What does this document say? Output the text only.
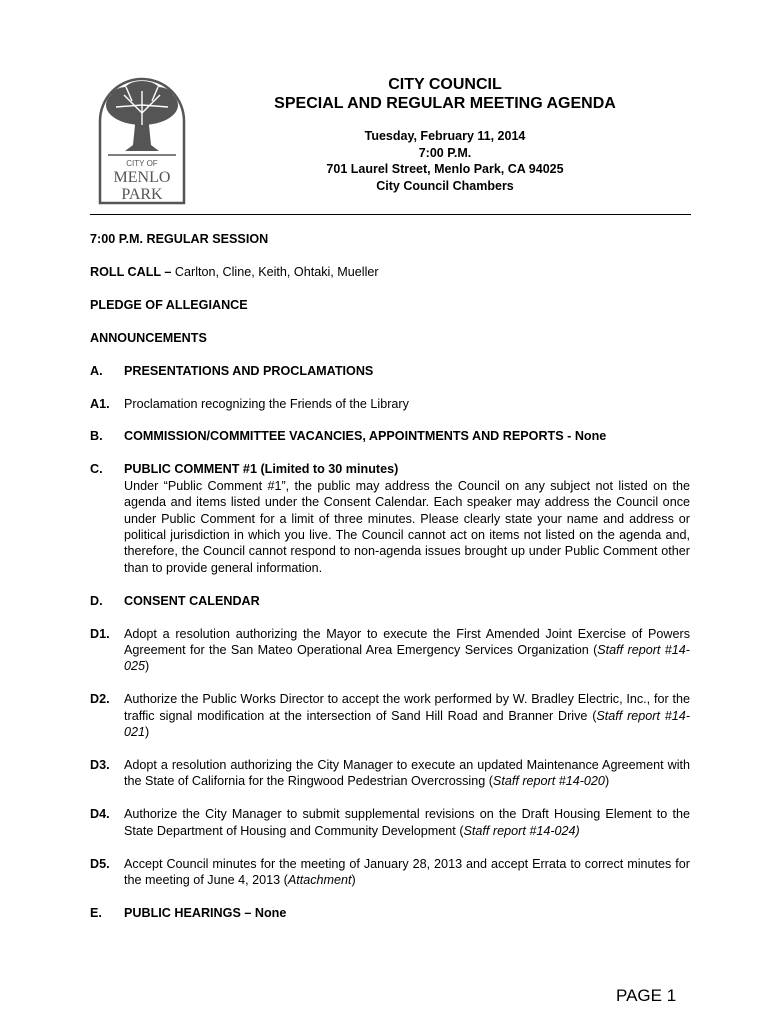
CITY OF
MENLO
PARK
CITY COUNCIL
SPECIAL AND REGULAR MEETING AGENDA
Tuesday, February 11, 2014
7:00 P.M.
701 Laurel Street, Menlo Park, CA 94025
City Council Chambers
7:00 P.M. REGULAR SESSION
ROLL CALL – Carlton, Cline, Keith, Ohtaki, Mueller
PLEDGE OF ALLEGIANCE
ANNOUNCEMENTS
A.	PRESENTATIONS AND PROCLAMATIONS
A1.	Proclamation recognizing the Friends of the Library
B.	COMMISSION/COMMITTEE VACANCIES, APPOINTMENTS AND REPORTS - None
C.	PUBLIC COMMENT #1 (Limited to 30 minutes)
Under “Public Comment #1”, the public may address the Council on any subject not listed on the agenda and items listed under the Consent Calendar. Each speaker may address the Council once under Public Comment for a limit of three minutes. Please clearly state your name and address or political jurisdiction in which you live. The Council cannot act on items not listed on the agenda and, therefore, the Council cannot respond to non-agenda issues brought up under Public Comment other than to provide general information.
D.	CONSENT CALENDAR
D1.	Adopt a resolution authorizing the Mayor to execute the First Amended Joint Exercise of Powers Agreement for the San Mateo Operational Area Emergency Services Organization (Staff report #14-025)
D2.	Authorize the Public Works Director to accept the work performed by W. Bradley Electric, Inc., for the traffic signal modification at the intersection of Sand Hill Road and Branner Drive (Staff report #14-021)
D3.	Adopt a resolution authorizing the City Manager to execute an updated Maintenance Agreement with the State of California for the Ringwood Pedestrian Overcrossing (Staff report #14-020)
D4.	Authorize the City Manager to submit supplemental revisions on the Draft Housing Element to the State Department of Housing and Community Development (Staff report #14-024)
D5.	Accept Council minutes for the meeting of January 28, 2013 and accept Errata to correct minutes for the meeting of June 4, 2013 (Attachment)
E.	PUBLIC HEARINGS – None
PAGE 1
